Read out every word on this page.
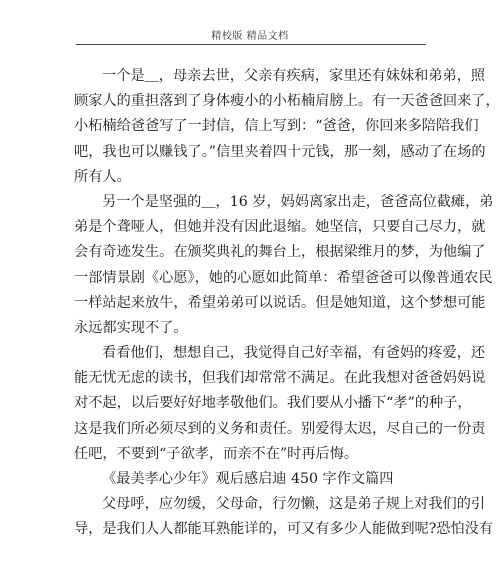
精校版 精品文档
一个是＿，母亲去世，父亲有疾病，家里还有妹妹和弟弟，照
顾家人的重担落到了身体瘦小的小柘楠肩膀上。有一天爸爸回来了，
小柘楠给爸爸写了一封信，信上写到：“爸爸，你回来多陪陪我们
吧，我也可以赚钱了。”信里夹着四十元钱，那一刻，感动了在场的
所有人。
另一个是坚强的＿，16 岁，妈妈离家出走，爸爸高位截瘫，弟
弟是个聋哑人，但她并没有因此退缩。她坚信，只要自己尽力，就
会有奇迹发生。在颁奖典礼的舞台上，根据梁维月的梦，为他编了
一部情景剧《心愿》，她的心愿如此简单：希望爸爸可以像普通农民
一样站起来放牛，希望弟弟可以说话。但是她知道，这个梦想可能
永远都实现不了。
看看他们，想想自己，我觉得自己好幸福，有爸妈的疼爱，还
能无忧无虑的读书，但我们却常常不满足。在此我想对爸爸妈妈说
对不起，以后要好好地孝敬他们。我们要从小播下“孝”的种子，
这是我们所必须尽到的义务和责任。别爱得太迟，尽自己的一份责
任吧，不要到“子欲孝，而亲不在”时再后悔。
《最美孝心少年》观后感启迪 450 字作文篇四
父母呼，应勿缓，父母命，行勿懒，这是弟子规上对我们的引
导，是我们人人都能耳熟能详的，可又有多少人能做到呢?恐怕没有
